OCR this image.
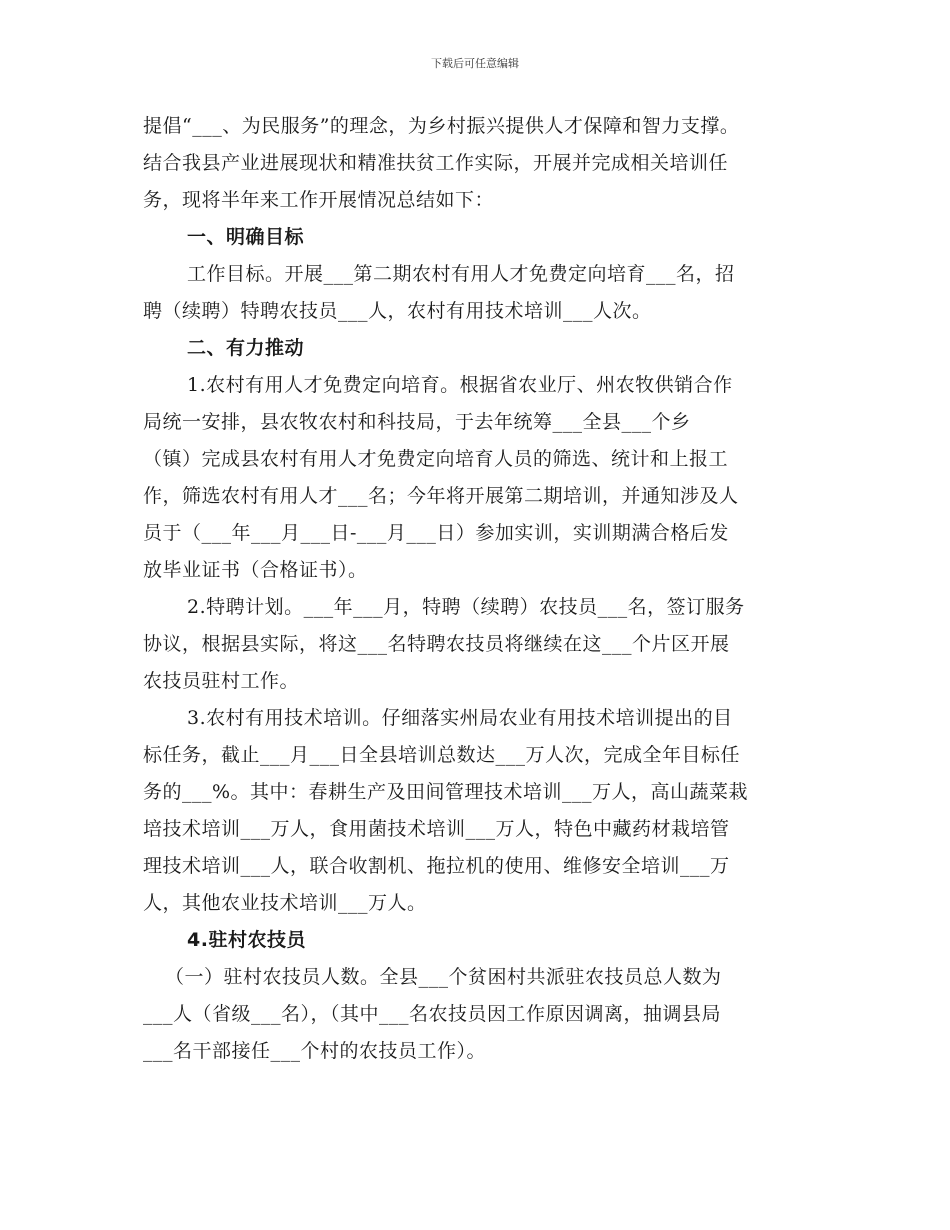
下载后可任意编辑
提倡“___、为民服务”的理念，为乡村振兴提供人才保障和智力支撑。
结合我县产业进展现状和精准扶贫工作实际，开展并完成相关培训任
务，现将半年来工作开展情况总结如下：
一、明确目标
工作目标。开展___第二期农村有用人才免费定向培育___名，招
聘（续聘）特聘农技员___人，农村有用技术培训___人次。
二、有力推动
1.农村有用人才免费定向培育。根据省农业厅、州农牧供销合作
局统一安排，县农牧农村和科技局，于去年统筹___全县___个乡
（镇）完成县农村有用人才免费定向培育人员的筛选、统计和上报工
作，筛选农村有用人才___名；今年将开展第二期培训，并通知涉及人
员于（___年___月___日-___月___日）参加实训，实训期满合格后发
放毕业证书（合格证书）。
2.特聘计划。___年___月，特聘（续聘）农技员___名，签订服务
协议，根据县实际，将这___名特聘农技员将继续在这___个片区开展
农技员驻村工作。
3.农村有用技术培训。仔细落实州局农业有用技术培训提出的目
标任务，截止___月___日全县培训总数达___万人次，完成全年目标任
务的___%。其中：春耕生产及田间管理技术培训___万人，高山蔬菜栽
培技术培训___万人，食用菌技术培训___万人，特色中藏药材栽培管
理技术培训___人，联合收割机、拖拉机的使用、维修安全培训___万
人，其他农业技术培训___万人。
4.驻村农技员
（一）驻村农技员人数。全县___个贫困村共派驻农技员总人数为
___人（省级___名），（其中___名农技员因工作原因调离，抽调县局
___名干部接任___个村的农技员工作）。
